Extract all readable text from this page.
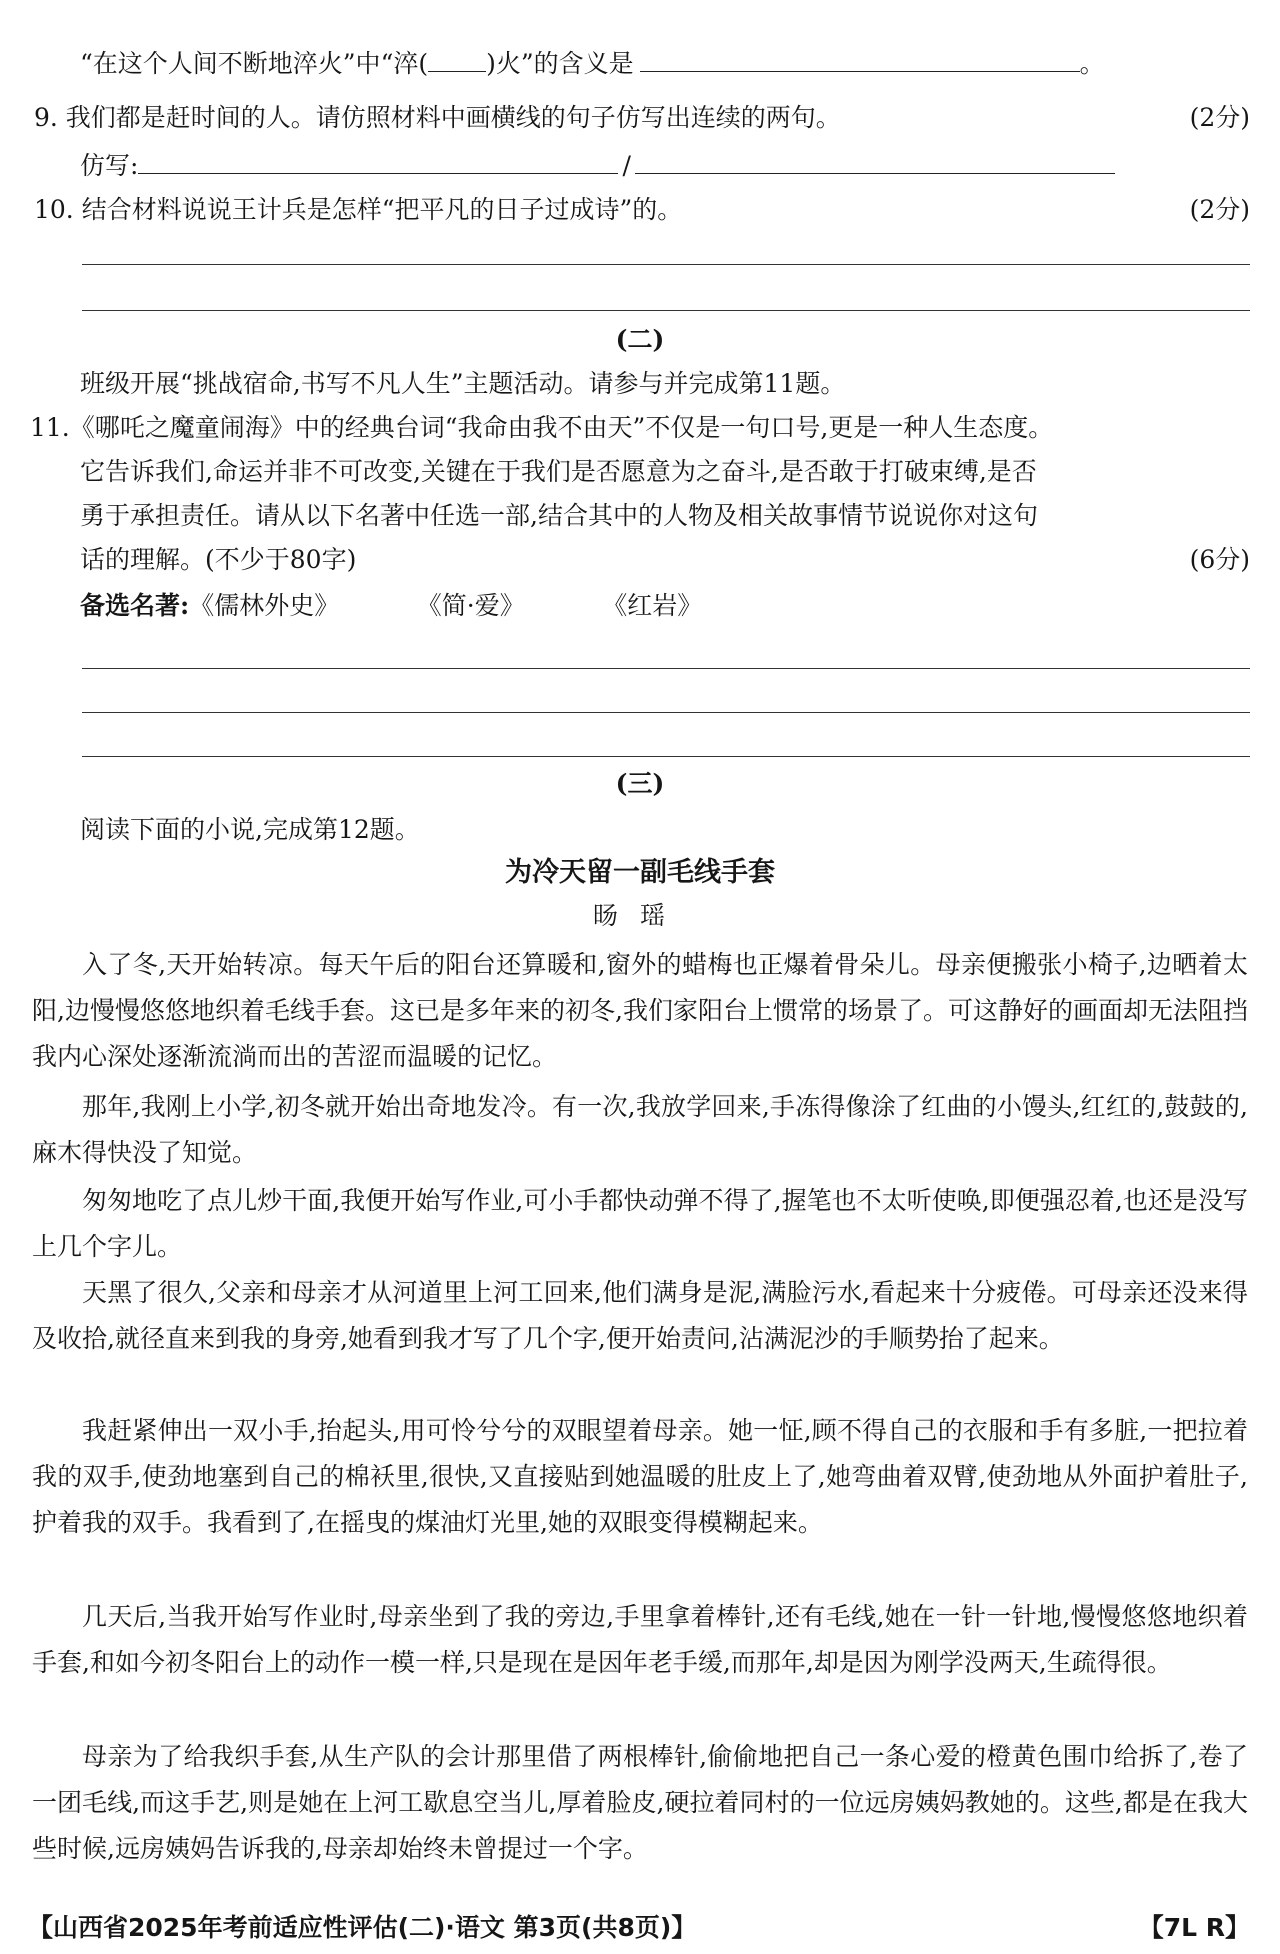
“在这个人间不断地淬火”中“淬( )火”的含义是	。
9. 我们都是赶时间的人。请仿照材料中画横线的句子仿写出连续的两句。	(2分)
仿写:	/
10. 结合材料说说王计兵是怎样“把平凡的日子过成诗”的。	(2分)
(二)
班级开展“挑战宿命,书写不凡人生”主题活动。请参与并完成第11题。
11.《哪吒之魔童闹海》中的经典台词“我命由我不由天”不仅是一句口号,更是一种人生态度。
它告诉我们,命运并非不可改变,关键在于我们是否愿意为之奋斗,是否敢于打破束缚,是否
勇于承担责任。请从以下名著中任选一部,结合其中的人物及相关故事情节说说你对这句
话的理解。(不少于80字)	(6分)
备选名著:《儒林外史》	《简·爱》	《红岩》
(三)
阅读下面的小说,完成第12题。
为冷天留一副毛线手套
旸瑶
入了冬,天开始转凉。每天午后的阳台还算暖和,窗外的蜡梅也正爆着骨朵儿。母亲便搬张小椅子,边晒着太阳,边慢慢悠悠地织着毛线手套。这已是多年来的初冬,我们家阳台上惯常的场景了。可这静好的画面却无法阻挡我内心深处逐渐流淌而出的苦涩而温暖的记忆。
那年,我刚上小学,初冬就开始出奇地发冷。有一次,我放学回来,手冻得像涂了红曲的小馒头,红红的,鼓鼓的,麻木得快没了知觉。
匆匆地吃了点儿炒干面,我便开始写作业,可小手都快动弹不得了,握笔也不太听使唤,即便强忍着,也还是没写上几个字儿。
天黑了很久,父亲和母亲才从河道里上河工回来,他们满身是泥,满脸污水,看起来十分疲倦。可母亲还没来得及收拾,就径直来到我的身旁,她看到我才写了几个字,便开始责问,沾满泥沙的手顺势抬了起来。
我赶紧伸出一双小手,抬起头,用可怜兮兮的双眼望着母亲。她一怔,顾不得自己的衣服和手有多脏,一把拉着我的双手,使劲地塞到自己的棉袄里,很快,又直接贴到她温暖的肚皮上了,她弯曲着双臂,使劲地从外面护着肚子,护着我的双手。我看到了,在摇曳的煤油灯光里,她的双眼变得模糊起来。
几天后,当我开始写作业时,母亲坐到了我的旁边,手里拿着棒针,还有毛线,她在一针一针地,慢慢悠悠地织着手套,和如今初冬阳台上的动作一模一样,只是现在是因年老手缓,而那年,却是因为刚学没两天,生疏得很。
母亲为了给我织手套,从生产队的会计那里借了两根棒针,偷偷地把自己一条心爱的橙黄色围巾给拆了,卷了一团毛线,而这手艺,则是她在上河工歇息空当儿,厚着脸皮,硬拉着同村的一位远房姨妈教她的。这些,都是在我大些时候,远房姨妈告诉我的,母亲却始终未曾提过一个字。
【山西省2025年考前适应性评估(二)·语文 第3页(共8页)】	【7L R】
